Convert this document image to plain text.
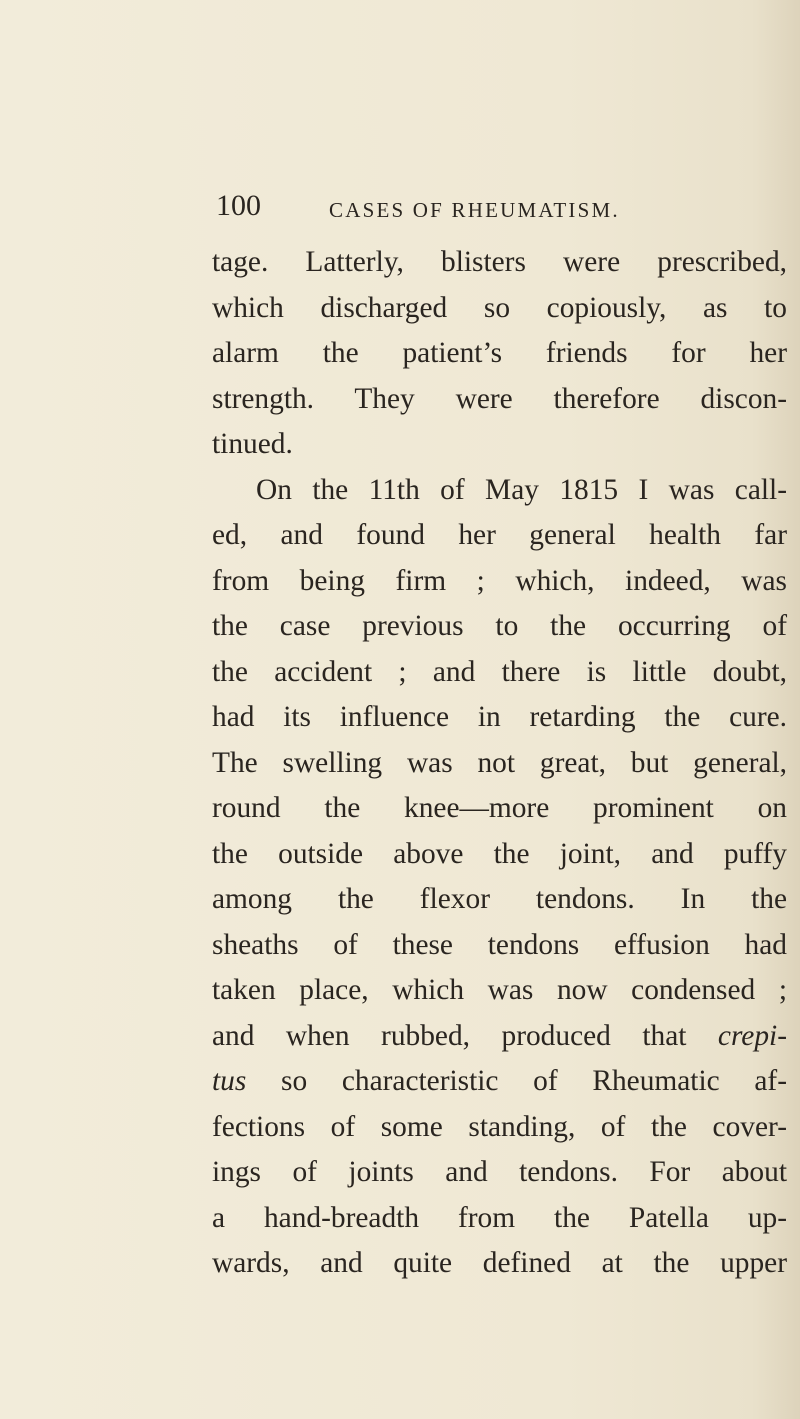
100	CASES OF RHEUMATISM.
tage. Latterly, blisters were prescribed,
which discharged so copiously, as to
alarm the patient’s friends for her
strength. They were therefore discon-
tinued.
On the 11th of May 1815 I was call-
ed, and found her general health far
from being firm ; which, indeed, was
the case previous to the occurring of
the accident ; and there is little doubt,
had its influence in retarding the cure.
The swelling was not great, but general,
round the knee—more prominent on
the outside above the joint, and puffy
among the flexor tendons. In the
sheaths of these tendons effusion had
taken place, which was now condensed ;
and when rubbed, produced that crepi-
tus so characteristic of Rheumatic af-
fections of some standing, of the cover-
ings of joints and tendons. For about
a hand-breadth from the Patella up-
wards, and quite defined at the upper
